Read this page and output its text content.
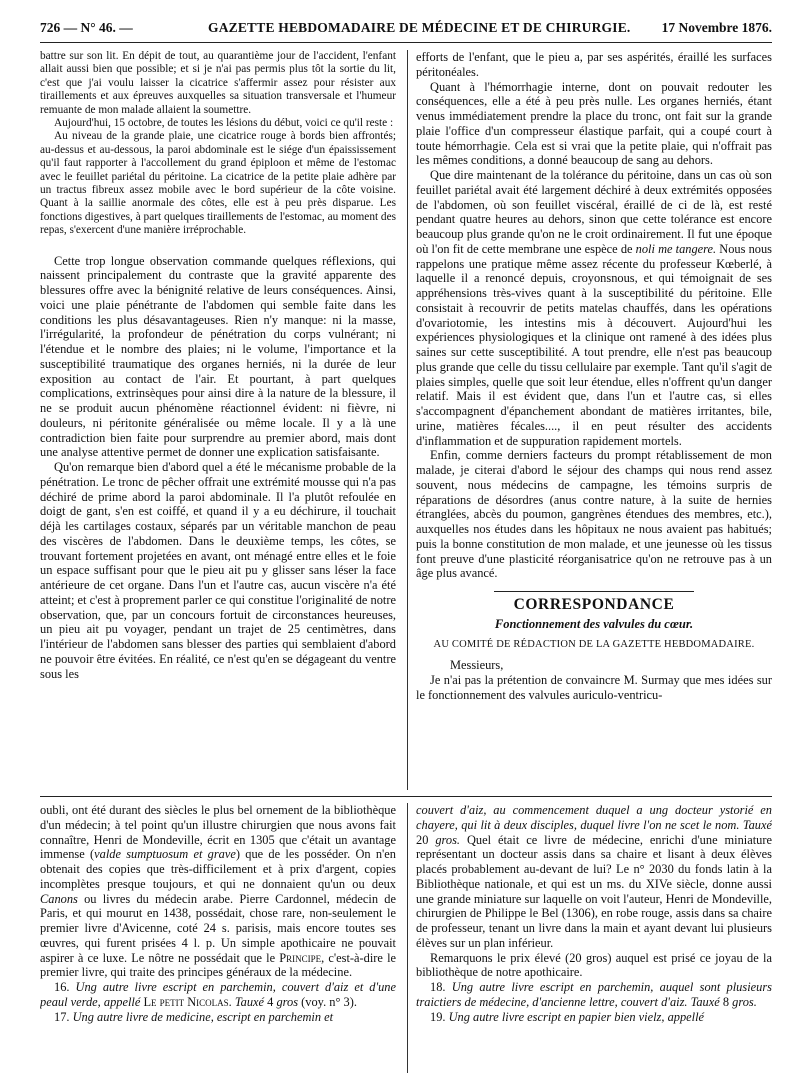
726 — N° 46. —	GAZETTE HEBDOMADAIRE DE MÉDECINE ET DE CHIRURGIE. 17 Novembre 1876.

battre sur son lit. En dépit de tout, au quarantième jour de l'accident, l'enfant allait aussi bien que possible; et si je n'ai pas permis plus tôt la sortie du lit, c'est que j'ai voulu laisser la cicatrice s'affermir assez pour résister aux tiraillements et aux épreuves auxquelles sa situation transversale et l'humeur remuante de mon malade allaient la soumettre.

Aujourd'hui, 15 octobre, de toutes les lésions du début, voici ce qu'il reste :

Au niveau de la grande plaie, une cicatrice rouge à bords bien affrontés; au-dessus et au-dessous, la paroi abdominale est le siége d'un épaississement qu'il faut rapporter à l'accollement du grand épiploon et même de l'estomac avec le feuillet pariétal du péritoine. La cicatrice de la petite plaie adhère par un tractus fibreux assez mobile avec le bord supérieur de la côte voisine. Quant à la saillie anormale des côtes, elle est à peu près disparue. Les fonctions digestives, à part quelques tiraillements de l'estomac, au moment des repas, s'exercent d'une manière irréprochable.

Cette trop longue observation commande quelques réflexions, qui naissent principalement du contraste que la gravité apparente des blessures offre avec la bénignité relative de leurs conséquences. Ainsi, voici une plaie pénétrante de l'abdomen qui semble faite dans les conditions les plus désavantageuses. Rien n'y manque: ni la masse, l'irrégularité, la profondeur de pénétration du corps vulnérant; ni l'étendue et le nombre des plaies; ni le volume, l'importance et la susceptibilité traumatique des organes herniés, ni la durée de leur exposition au contact de l'air. Et pourtant, à part quelques complications, extrinsèques pour ainsi dire à la nature de la blessure, il ne se produit aucun phénomène réactionnel évident: ni fièvre, ni douleurs, ni péritonite généralisée ou même locale. Il y a là une contradiction bien faite pour surprendre au premier abord, mais dont une analyse attentive permet de donner une explication satisfaisante.

Qu'on remarque bien d'abord quel a été le mécanisme probable de la pénétration. Le tronc de pêcher offrait une extrémité mousse qui n'a pas déchiré de prime abord la paroi abdominale. Il l'a plutôt refoulée en doigt de gant, s'en est coiffé, et quand il y a eu déchirure, il touchait déjà les cartilages costaux, séparés par un véritable manchon de peau des viscères de l'abdomen. Dans le deuxième temps, les côtes, se trouvant fortement projetées en avant, ont ménagé entre elles et le foie un espace suffisant pour que le pieu ait pu y glisser sans léser la face antérieure de cet organe. Dans l'un et l'autre cas, aucun viscère n'a été atteint; et c'est à proprement parler ce qui constitue l'originalité de notre observation, que, par un concours fortuit de circonstances heureuses, un pieu ait pu voyager, pendant un trajet de 25 centimètres, dans l'intérieur de l'abdomen sans blesser des parties qui semblaient d'abord ne pouvoir être évitées. En réalité, ce n'est qu'en se dégageant du ventre sous les

efforts de l'enfant, que le pieu a, par ses aspérités, éraillé les surfaces péritonéales.

Quant à l'hémorrhagie interne, dont on pouvait redouter les conséquences, elle a été à peu près nulle. Les organes herniés, étant venus immédiatement prendre la place du tronc, ont fait sur la grande plaie l'office d'un compresseur élastique parfait, qui a coupé court à toute hémorrhagie. Cela est si vrai que la petite plaie, qui n'offrait pas les mêmes conditions, a donné beaucoup de sang au dehors.

Que dire maintenant de la tolérance du péritoine, dans un cas où son feuillet pariétal avait été largement déchiré à deux extrémités opposées de l'abdomen, où son feuillet viscéral, éraillé de ci de là, est resté pendant quatre heures au dehors, sinon que cette tolérance est encore beaucoup plus grande qu'on ne le croit ordinairement. Il fut une époque où l'on fit de cette membrane une espèce de noli me tangere. Nous nous rappelons une pratique même assez récente du professeur Kœberlé, à laquelle il a renoncé depuis, croyonsnous, et qui témoignait de ses appréhensions très-vives quant à la susceptibilité du péritoine. Elle consistait à recouvrir de petits matelas chauffés, dans les opérations d'ovariotomie, les intestins mis à découvert. Aujourd'hui les expériences physiologiques et la clinique ont ramené à des idées plus saines sur cette susceptibilité. A tout prendre, elle n'est pas beaucoup plus grande que celle du tissu cellulaire par exemple. Tant qu'il s'agit de plaies simples, quelle que soit leur étendue, elles n'offrent qu'un danger relatif. Mais il est évident que, dans l'un et l'autre cas, si elles s'accompagnent d'épanchement abondant de matières irritantes, bile, urine, matières fécales...., il en peut résulter des accidents d'inflammation et de suppuration rapidement mortels.

Enfin, comme derniers facteurs du prompt rétablissement de mon malade, je citerai d'abord le séjour des champs qui nous rend assez souvent, nous médecins de campagne, les témoins surpris de réparations de désordres (anus contre nature, à la suite de hernies étranglées, abcès du poumon, gangrènes étendues des membres, etc.), auxquelles nos études dans les hôpitaux ne nous avaient pas habitués; puis la bonne constitution de mon malade, et une jeunesse où les tissus font preuve d'une plasticité réorganisatrice qu'on ne retrouve pas à un âge plus avancé.

CORRESPONDANCE
Fonctionnement des valvules du cœur.
AU COMITÉ DE RÉDACTION DE LA GAZETTE HEBDOMADAIRE.

Messieurs,

Je n'ai pas la prétention de convaincre M. Surmay que mes idées sur le fonctionnement des valvules auriculo-ventricu-

oubli, ont été durant des siècles le plus bel ornement de la bibliothèque d'un médecin; à tel point qu'un illustre chirurgien que nous avons fait connaître, Henri de Mondeville, écrit en 1305 que c'était un avantage immense (valde sumptuosum et grave) que de les posséder. On n'en obtenait des copies que très-difficilement et à prix d'argent, copies incomplètes presque toujours, et qui ne donnaient qu'un ou deux Canons ou livres du médecin arabe. Pierre Cardonnel, médecin de Paris, et qui mourut en 1438, possédait, chose rare, non-seulement le premier livre d'Avicenne, coté 24 s. parisis, mais encore toutes ses œuvres, qui furent prisées 4 l. p. Un simple apothicaire ne pouvait aspirer à ce luxe. Le nôtre ne possédait que le Principe, c'est-à-dire le premier livre, qui traite des principes généraux de la médecine.

16. Ung autre livre escript en parchemin, couvert d'aiz et d'une peaul verde, appellé Le petit Nicolas. Tauxé 4 gros (voy. n° 3).

17. Ung autre livre de medicine, escript en parchemin et

couvert d'aiz, au commencement duquel a ung docteur ystorié en chayere, qui lit à deux disciples, duquel livre l'on ne scet le nom. Tauxé 20 gros. Quel était ce livre de médecine, enrichi d'une miniature représentant un docteur assis dans sa chaire et lisant à deux élèves placés probablement au-devant de lui? Le n° 2030 du fonds latin à la Bibliothèque nationale, et qui est un ms. du XIVe siècle, donne aussi une grande miniature sur laquelle on voit l'auteur, Henri de Mondeville, chirurgien de Philippe le Bel (1306), en robe rouge, assis dans sa chaire de professeur, tenant un livre dans la main et ayant devant lui plusieurs élèves sur un plan inférieur.

Remarquons le prix élevé (20 gros) auquel est prisé ce joyau de la bibliothèque de notre apothicaire.

18. Ung autre livre escript en parchemin, auquel sont plusieurs traictiers de médecine, d'ancienne lettre, couvert d'aiz. Tauxé 8 gros.

19. Ung autre livre escript en papier bien vielz, appellé
